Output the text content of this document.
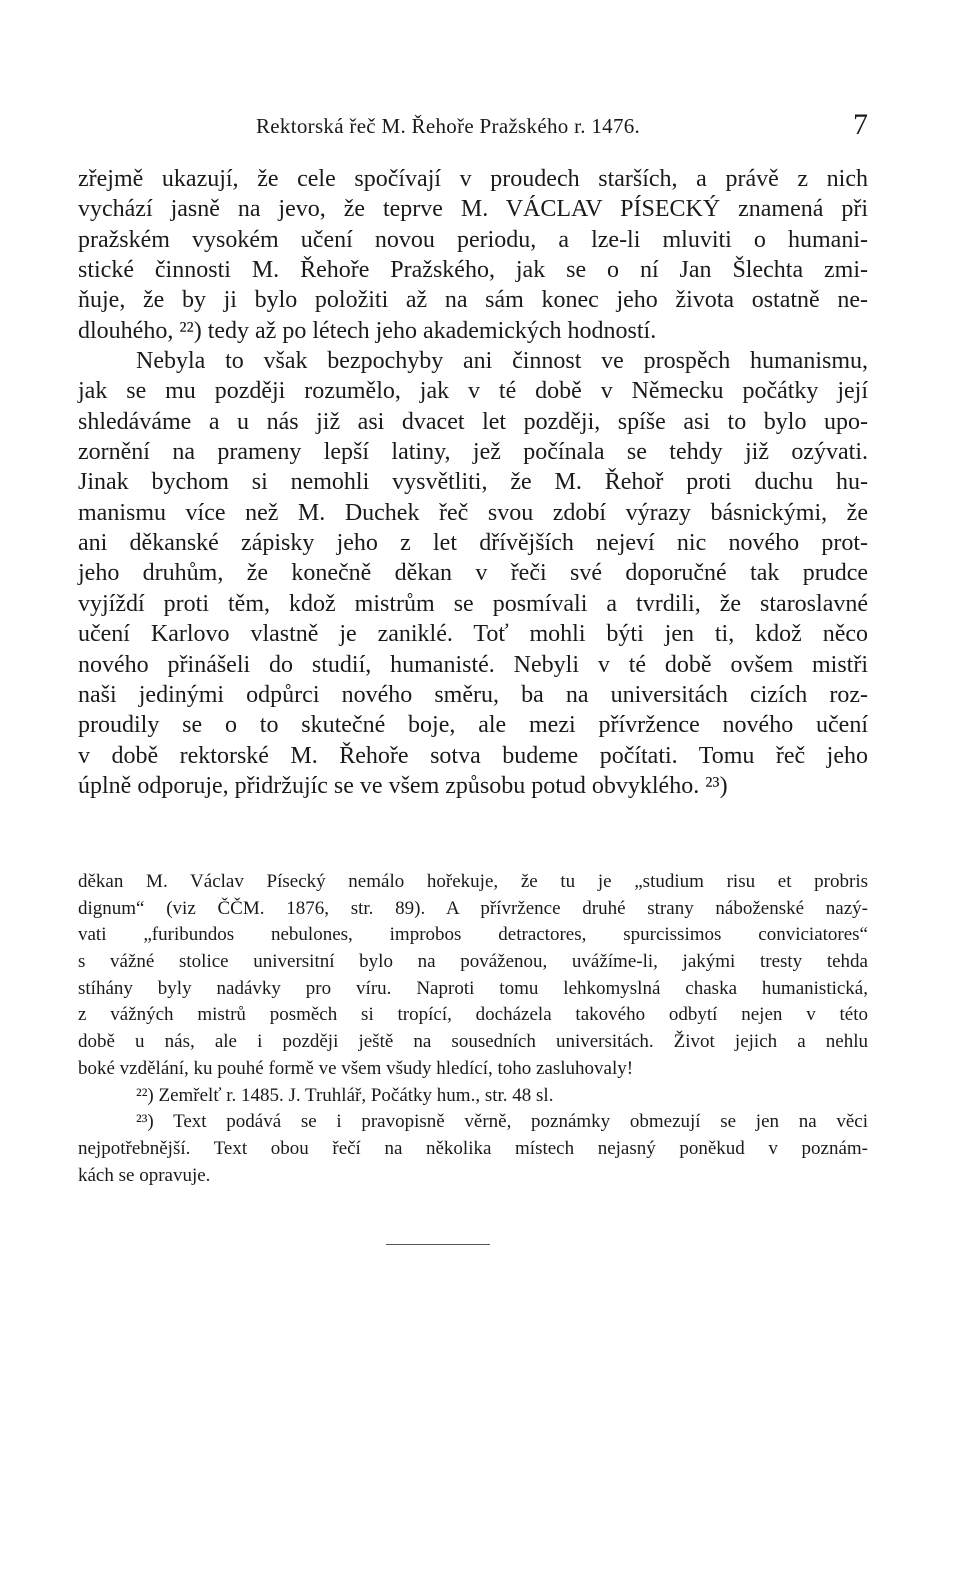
Rektorská řeč M. Řehoře Pražského r. 1476.	7
zřejmě ukazují, že cele spočívají v proudech starších, a právě z nich
vychází jasně na jevo, že teprve M. VÁCLAV PÍSECKÝ znamená při
pražském vysokém učení novou periodu, a lze-li mluviti o humani-
stické činnosti M. Řehoře Pražského, jak se o ní Jan Šlechta zmi-
ňuje, že by ji bylo položiti až na sám konec jeho života ostatně ne-
dlouhého, ²²) tedy až po létech jeho akademických hodností.
Nebyla to však bezpochyby ani činnost ve prospěch humanismu,
jak se mu později rozumělo, jak v té době v Německu počátky její
shledáváme a u nás již asi dvacet let později, spíše asi to bylo upo-
zornění na prameny lepší latiny, jež počínala se tehdy již ozývati.
Jinak bychom si nemohli vysvětliti, že M. Řehoř proti duchu hu-
manismu více než M. Duchek řeč svou zdobí výrazy básnickými, že
ani děkanské zápisky jeho z let dřívějších nejeví nic nového prot-
jeho druhům, že konečně děkan v řeči své doporučné tak prudce
vyjíždí proti těm, kdož mistrům se posmívali a tvrdili, že staroslavné
učení Karlovo vlastně je zaniklé. Toť mohli býti jen ti, kdož něco
nového přinášeli do studií, humanisté. Nebyli v té době ovšem mistři
naši jedinými odpůrci nového směru, ba na universitách cizích roz-
proudily se o to skutečné boje, ale mezi přívržence nového učení
v době rektorské M. Řehoře sotva budeme počítati. Tomu řeč jeho
úplně odporuje, přidržujíc se ve všem způsobu potud obvyklého. ²³)
děkan M. Václav Písecký nemálo hořekuje, že tu je „studium risu et probris
dignum“ (viz ČČM. 1876, str. 89). A přívržence druhé strany náboženské nazý-
vati „furibundos nebulones, improbos detractores, spurcissimos conviciatores“
s vážné stolice universitní bylo na pováženou, uvážíme-li, jakými tresty tehda
stíhány byly nadávky pro víru. Naproti tomu lehkomyslná chaska humanistická,
z vážných mistrů posměch si tropící, docházela takového odbytí nejen v této
době u nás, ale i později ještě na sousedních universitách. Život jejich a nehlu
boké vzdělání, ku pouhé formě ve všem všudy hledící, toho zasluhovaly!
²²) Zemřelť r. 1485. J. Truhlář, Počátky hum., str. 48 sl.
²³) Text podává se i pravopisně věrně, poznámky obmezují se jen na věci
nejpotřebnější. Text obou řečí na několika místech nejasný poněkud v poznám-
kách se opravuje.
